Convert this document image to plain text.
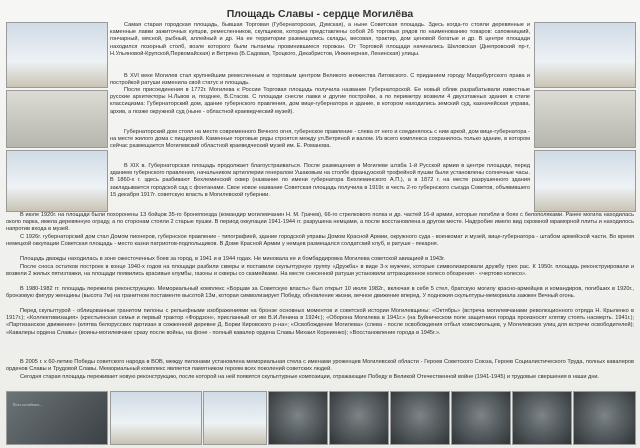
Площадь Славы - сердце Могилёва
Самая старая городская площадь, бывшая Торговая (Губернаторская, Думская), а ныне Советская площадь. Здесь когда-то стояли деревянные и каменные лавки зажиточных купцов, ремесленников, скупщиков, которые представлены собой 26 торговых рядов по наименованию товаров: сапожницкий, гончарный, мясной, рыбный, аллейный и др. На ее территории размещались склады, весовая, трактир, дом ценовой богатые и др. В центре площади находился позорный столб, возле которого были пытаемы провинившиеся горожан. От Торговой площади начинались Шкловская (Днепровский пр-т, Н.Ульяновой-Крупской,Первомайская) и Ветряна (Б.Садовая, Троцкого, Декабристов, Инженерная, Ленинская) улицы.
В XVI веке Могилев стал крупнейшим ремесленным и торговым центром Великого княжества Литовского. С приданием городу Магдебургского права и постройкой ратуши изменила свой статус и площадь.
После присоединения в 1772г. Могилева к России Торговая площадь получила название Губернаторской. Ее новый облик разрабатывали известные русские архитекторы Н.Львов и, позднее, В.Стасов. С площади снесли лавки и другие постройки, а по периметру возвели 4 двухэтажных здания в стиле классицизма: Губернаторский дом, здание губернского правления, дом вице-губернатора и здание, в котором находились земский суд, казначейская управа, архив, а позже окружной суд (ныне - областной краеведческий музей).
Губернаторский дом стоял на месте современного Вечного огня, губернское правление - слева от него и соединялось с ним аркой, дом вице-губернатора - на месте жилого дома с пиццерией. Каменные торговые ряды строятся между ул.Ветряной и валом. Из всего комплекса сохранилось только здание, в котором сейчас размещается Могилевский областной краеведческий музей им. Е. Романова.
В XIX в. Губернаторская площадь продолжает благоустраиваться. После размещения в Могилеве штаба 1-й Русской армии в центре площади, перед зданием губернского правления, начальником артиллерии генералом Ушаковым на столбе французской трофейной пушки были установлены солнечные часы. В 1860-х г. здесь разбивают Бехлеминский сквер (название по имени губернатора Бехлеминского А.П.), а в 1872 г. на месте разрушенного здания закладывается городской сад с фонтанами. Свое новое название Советская площадь получила в 1919г. в честь 2-го губернского съезда Советов, объявившего 15 декабря 1917г. советскую власть в Могилевской губернии.
В июле 1920г. на площади были похоронены 13 бойцов 35-го бронепоезда (командир могилевчанин Н. М. Грачев), 66-го стрелкового полка и др. частей 16-й армии, которые погибли в боях с белополяками. Ранее могила находилась около парка, имела деревянную ограду, а по сторонам стояли 2 старые пушки. В период оккупации 1941-1944 гг. разрушена немцами, а после восстановлена в другом месте. Надгробие имело вид скромной мраморной плиты и находилось напротив входа в музей.
С 1926г. губернаторский дом стал Домом пионеров, губернское правление - типографией, здание городской управы Домом Красной Армии, окружного суда - военкомат и музей, вице-губернатора - штабом армейской части. Во время немецкой оккупации Советская площадь - место казни патриотов-подпольщиков. В Доме Красной Армии у немцев размещался солдатский клуб, в ратуше - пекарня.
Площадь дважды находилась в зоне ожесточенных боев за город, в 1941 и в 1944 годах. Не миновала ее и бомбардировка Могилева советской авиацией в 1943г.
После сноса остатков построек в конце 1940-х годов на площади разбили скверы и поставили скульптурную группу «Дружба» в виде 3-х мужчин, которые символизировали дружбу трех рас. К 1950г. площадь реконструировали и возвели 2 жилых пятиэтажки, на площади появились красивые клумбы, газоны и скверы со скамейками. На месте снесенной ратуши установили аттракционное колесо обозрения - «чертово колесо».
В 1980-1982 гг. площадь пережила реконструкцию. Мемориальный комплекс «Борцам за Советскую власть» был открыт 10 июля 1982г., включая в себя 5 стел, братскую могилу красно-армейцев и командиров, погибших в 1920г., бронзовую фигуру женщины (высота 7м) на гранитном постаменте высотой 13м, которая символизирует Победу, обновление жизни, вечное движение вперед. У подножия скульптуры-мемориала зажжен Вечный огонь.
Перед скульптурой - облицованные гранитом пилоны с рельефными изображениями на бронзе основных моментов и советской истории Могилевщины: «Октябрь» (встреча могилевчанами революционного отряда Н. Крыленко в 1917г.); «Коллективизация» (крестьянская семья и первый трактор «Фордзон», присланный от им В.И.Ленина в 1924г.); «Оборона Могилева в 1941г.» (на Буйническом поле защитники города произносят клятву стоять насмерть. 1941г.); «Партизанское движение» (клятва белорусских партизан в сожженной деревне Д. Борки Кировского р-на»; «Освобождение Могилева» (слева - после освобождения отбыл комсомольцев, у Могилевских улиц для встречи освободителей); «Кавалеры ордена Славы» (воины-могилевчане сразу после войны, на фоне - полный кавалер ордена Славы Михаил Корниенко); «Восстановление города в 1945г.».
В 2005 г. к 60-летию Победы советского народа в ВОВ, между пилонами установлена мемориальная стела с именами уроженцев Могилевской области - Героев Советского Союза, Героев Социалистического Труда, полных кавалеров орденов Славы и Трудовой Славы. Мемориальный комплекс является памятником героям всех поколений советских людей.
Сегодня старая площадь переживает новую реконструкцию, после которой на ней появятся скульптурные композиции, отражающие Победу в Великой Отечественной войне (1941-1945) и трудовые свершения в наши дни.
Всех погибших...
